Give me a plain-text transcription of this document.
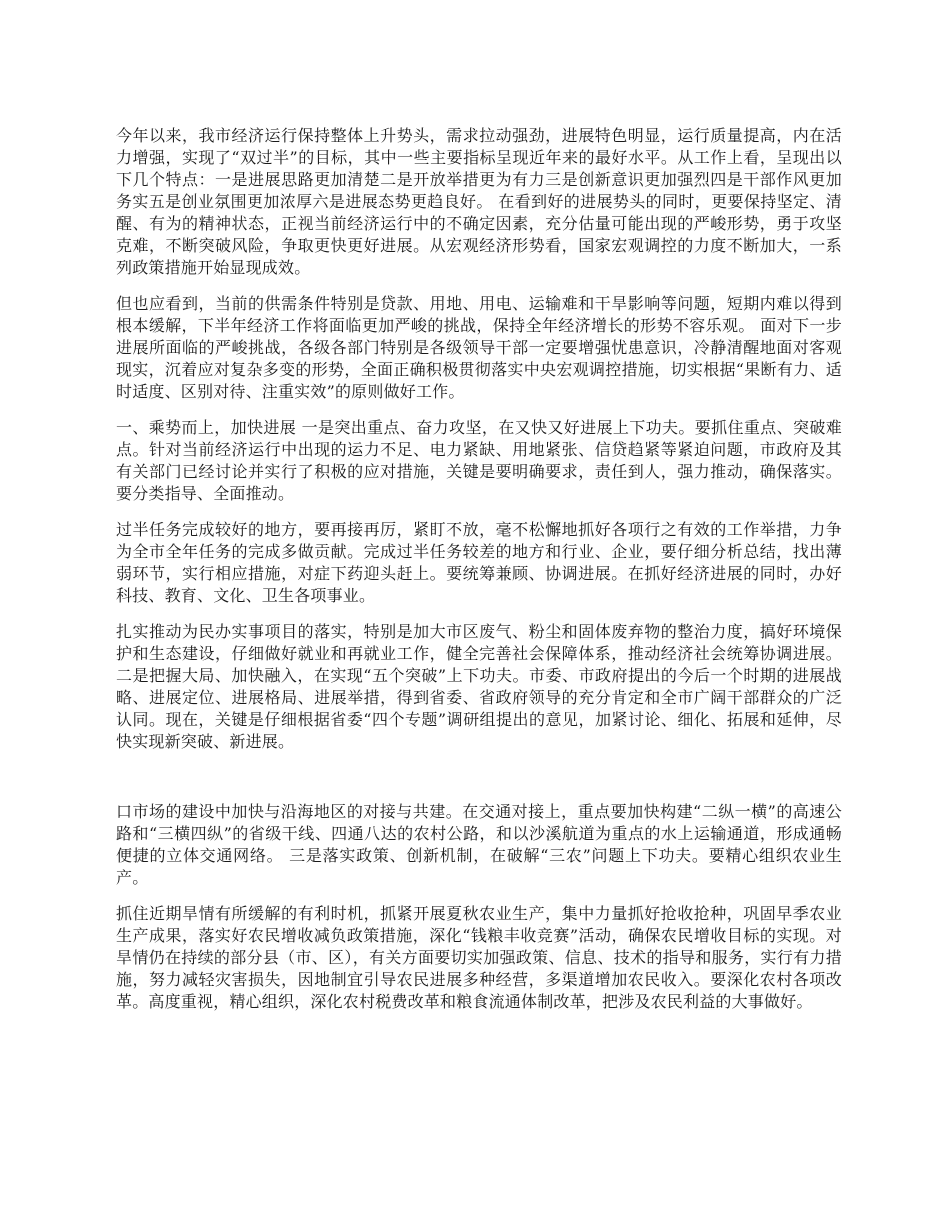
今年以来，我市经济运行保持整体上升势头，需求拉动强劲，进展特色明显，运行质量提高，内在活力增强，实现了“双过半”的目标，其中一些主要指标呈现近年来的最好水平。从工作上看，呈现出以下几个特点：一是进展思路更加清楚二是开放举措更为有力三是创新意识更加强烈四是干部作风更加务实五是创业氛围更加浓厚六是进展态势更趋良好。 在看到好的进展势头的同时，更要保持坚定、清醒、有为的精神状态，正视当前经济运行中的不确定因素，充分估量可能出现的严峻形势，勇于攻坚克难，不断突破风险，争取更快更好进展。从宏观经济形势看，国家宏观调控的力度不断加大，一系列政策措施开始显现成效。

但也应看到，当前的供需条件特别是贷款、用地、用电、运输难和干旱影响等问题，短期内难以得到根本缓解，下半年经济工作将面临更加严峻的挑战，保持全年经济增长的形势不容乐观。 面对下一步进展所面临的严峻挑战，各级各部门特别是各级领导干部一定要增强忧患意识，冷静清醒地面对客观现实，沉着应对复杂多变的形势，全面正确积极贯彻落实中央宏观调控措施，切实根据“果断有力、适时适度、区别对待、注重实效”的原则做好工作。

一、乘势而上，加快进展 一是突出重点、奋力攻坚，在又快又好进展上下功夫。要抓住重点、突破难点。针对当前经济运行中出现的运力不足、电力紧缺、用地紧张、信贷趋紧等紧迫问题，市政府及其有关部门已经讨论并实行了积极的应对措施，关键是要明确要求，责任到人，强力推动，确保落实。要分类指导、全面推动。

过半任务完成较好的地方，要再接再厉，紧盯不放，毫不松懈地抓好各项行之有效的工作举措，力争为全市全年任务的完成多做贡献。完成过半任务较差的地方和行业、企业，要仔细分析总结，找出薄弱环节，实行相应措施，对症下药迎头赶上。要统筹兼顾、协调进展。在抓好经济进展的同时，办好科技、教育、文化、卫生各项事业。

扎实推动为民办实事项目的落实，特别是加大市区废气、粉尘和固体废弃物的整治力度，搞好环境保护和生态建设，仔细做好就业和再就业工作，健全完善社会保障体系，推动经济社会统筹协调进展。 二是把握大局、加快融入，在实现“五个突破”上下功夫。市委、市政府提出的今后一个时期的进展战略、进展定位、进展格局、进展举措，得到省委、省政府领导的充分肯定和全市广阔干部群众的广泛认同。现在，关键是仔细根据省委“四个专题”调研组提出的意见，加紧讨论、细化、拓展和延伸，尽快实现新突破、新进展。

口市场的建设中加快与沿海地区的对接与共建。在交通对接上，重点要加快构建“二纵一横”的高速公路和“三横四纵”的省级干线、四通八达的农村公路，和以沙溪航道为重点的水上运输通道，形成通畅便捷的立体交通网络。 三是落实政策、创新机制，在破解“三农”问题上下功夫。要精心组织农业生产。

抓住近期旱情有所缓解的有利时机，抓紧开展夏秋农业生产，集中力量抓好抢收抢种，巩固早季农业生产成果，落实好农民增收减负政策措施，深化“钱粮丰收竞赛”活动，确保农民增收目标的实现。对旱情仍在持续的部分县（市、区），有关方面要切实加强政策、信息、技术的指导和服务，实行有力措施，努力减轻灾害损失，因地制宜引导农民进展多种经营，多渠道增加农民收入。要深化农村各项改革。高度重视，精心组织，深化农村税费改革和粮食流通体制改革，把涉及农民利益的大事做好。
